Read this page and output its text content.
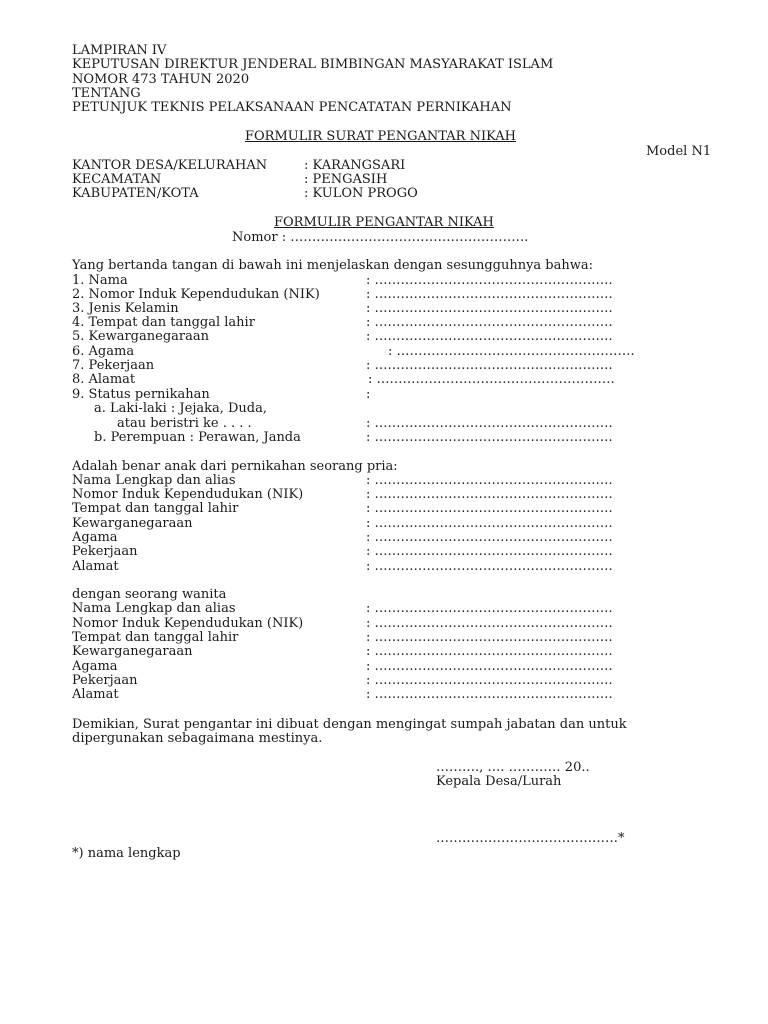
LAMPIRAN IV
KEPUTUSAN DIREKTUR JENDERAL BIMBINGAN MASYARAKAT ISLAM
NOMOR 473 TAHUN 2020
TENTANG
PETUNJUK TEKNIS PELAKSANAAN PENCATATAN PERNIKAHAN
FORMULIR SURAT PENGANTAR NIKAH
Model N1
KANTOR DESA/KELURAHAN	: KARANGSARI
KECAMATAN	: PENGASIH
KABUPATEN/KOTA	: KULON PROGO
FORMULIR PENGANTAR NIKAH
Nomor : ……………………………………………….
Yang bertanda tangan di bawah ini menjelaskan dengan sesungguhnya bahwa:
1. Nama	: ……………………………………………….
2. Nomor Induk Kependudukan (NIK)	: ……………………………………………….
3. Jenis Kelamin	: ……………………………………………….
4. Tempat dan tanggal lahir	: ……………………………………………….
5. Kewarganegaraan	: ……………………………………………….
6. Agama	: ……………………………………………….
7. Pekerjaan	: ……………………………………………….
8. Alamat	: ……………………………………………….
9. Status pernikahan	:
a. Laki-laki : Jejaka, Duda,
atau beristri ke . . . .	: ……………………………………………….
b. Perempuan : Perawan, Janda	: ……………………………………………….
Adalah benar anak dari pernikahan seorang pria:
Nama Lengkap dan alias	: ……………………………………………….
Nomor Induk Kependudukan (NIK)	: ……………………………………………….
Tempat dan tanggal lahir	: ……………………………………………….
Kewarganegaraan	: ……………………………………………….
Agama	: ……………………………………………….
Pekerjaan	: ……………………………………………….
Alamat	: ……………………………………………….
dengan seorang wanita
Nama Lengkap dan alias	: ……………………………………………….
Nomor Induk Kependudukan (NIK)	: ……………………………………………….
Tempat dan tanggal lahir	: ……………………………………………….
Kewarganegaraan	: ……………………………………………….
Agama	: ……………………………………………….
Pekerjaan	: ……………………………………………….
Alamat	: ……………………………………………….
Demikian, Surat pengantar ini dibuat dengan mengingat sumpah jabatan dan untuk
dipergunakan sebagaimana mestinya.
………., …. ………… 20..
Kepala Desa/Lurah
……………………………………*
*) nama lengkap
